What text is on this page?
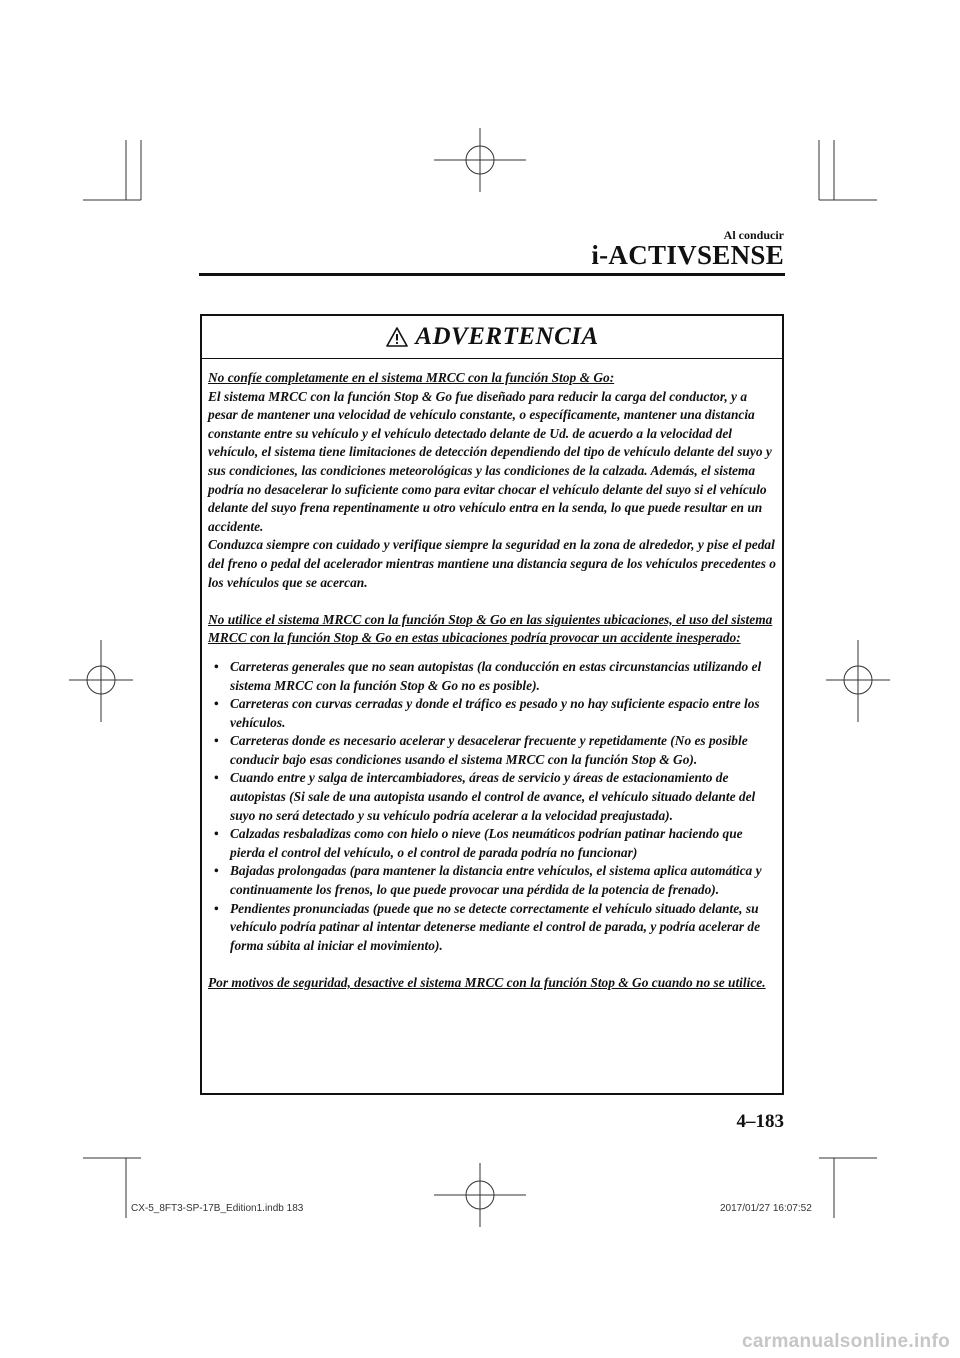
Al conducir
i-ACTIVSENSE
ADVERTENCIA

No confíe completamente en el sistema MRCC con la función Stop & Go:

El sistema MRCC con la función Stop & Go fue diseñado para reducir la carga del conductor, y a pesar de mantener una velocidad de vehículo constante, o específicamente, mantener una distancia constante entre su vehículo y el vehículo detectado delante de Ud. de acuerdo a la velocidad del vehículo, el sistema tiene limitaciones de detección dependiendo del tipo de vehículo delante del suyo y sus condiciones, las condiciones meteorológicas y las condiciones de la calzada. Además, el sistema podría no desacelerar lo suficiente como para evitar chocar el vehículo delante del suyo si el vehículo delante del suyo frena repentinamente u otro vehículo entra en la senda, lo que puede resultar en un accidente.

Conduzca siempre con cuidado y verifique siempre la seguridad en la zona de alrededor, y pise el pedal del freno o pedal del acelerador mientras mantiene una distancia segura de los vehículos precedentes o los vehículos que se acercan.

No utilice el sistema MRCC con la función Stop & Go en las siguientes ubicaciones, el uso del sistema MRCC con la función Stop & Go en estas ubicaciones podría provocar un accidente inesperado:

• Carreteras generales que no sean autopistas (la conducción en estas circunstancias utilizando el sistema MRCC con la función Stop & Go no es posible).
• Carreteras con curvas cerradas y donde el tráfico es pesado y no hay suficiente espacio entre los vehículos.
• Carreteras donde es necesario acelerar y desacelerar frecuente y repetidamente (No es posible conducir bajo esas condiciones usando el sistema MRCC con la función Stop & Go).
• Cuando entre y salga de intercambiadores, áreas de servicio y áreas de estacionamiento de autopistas (Si sale de una autopista usando el control de avance, el vehículo situado delante del suyo no será detectado y su vehículo podría acelerar a la velocidad preajustada).
• Calzadas resbaladizas como con hielo o nieve (Los neumáticos podrían patinar haciendo que pierda el control del vehículo, o el control de parada podría no funcionar)
• Bajadas prolongadas (para mantener la distancia entre vehículos, el sistema aplica automática y continuamente los frenos, lo que puede provocar una pérdida de la potencia de frenado).
• Pendientes pronunciadas (puede que no se detecte correctamente el vehículo situado delante, su vehículo podría patinar al intentar detenerse mediante el control de parada, y podría acelerar de forma súbita al iniciar el movimiento).

Por motivos de seguridad, desactive el sistema MRCC con la función Stop & Go cuando no se utilice.

4–183
CX-5_8FT3-SP-17B_Edition1.indb 183	2017/01/27 16:07:52
carmanualsonline.info
